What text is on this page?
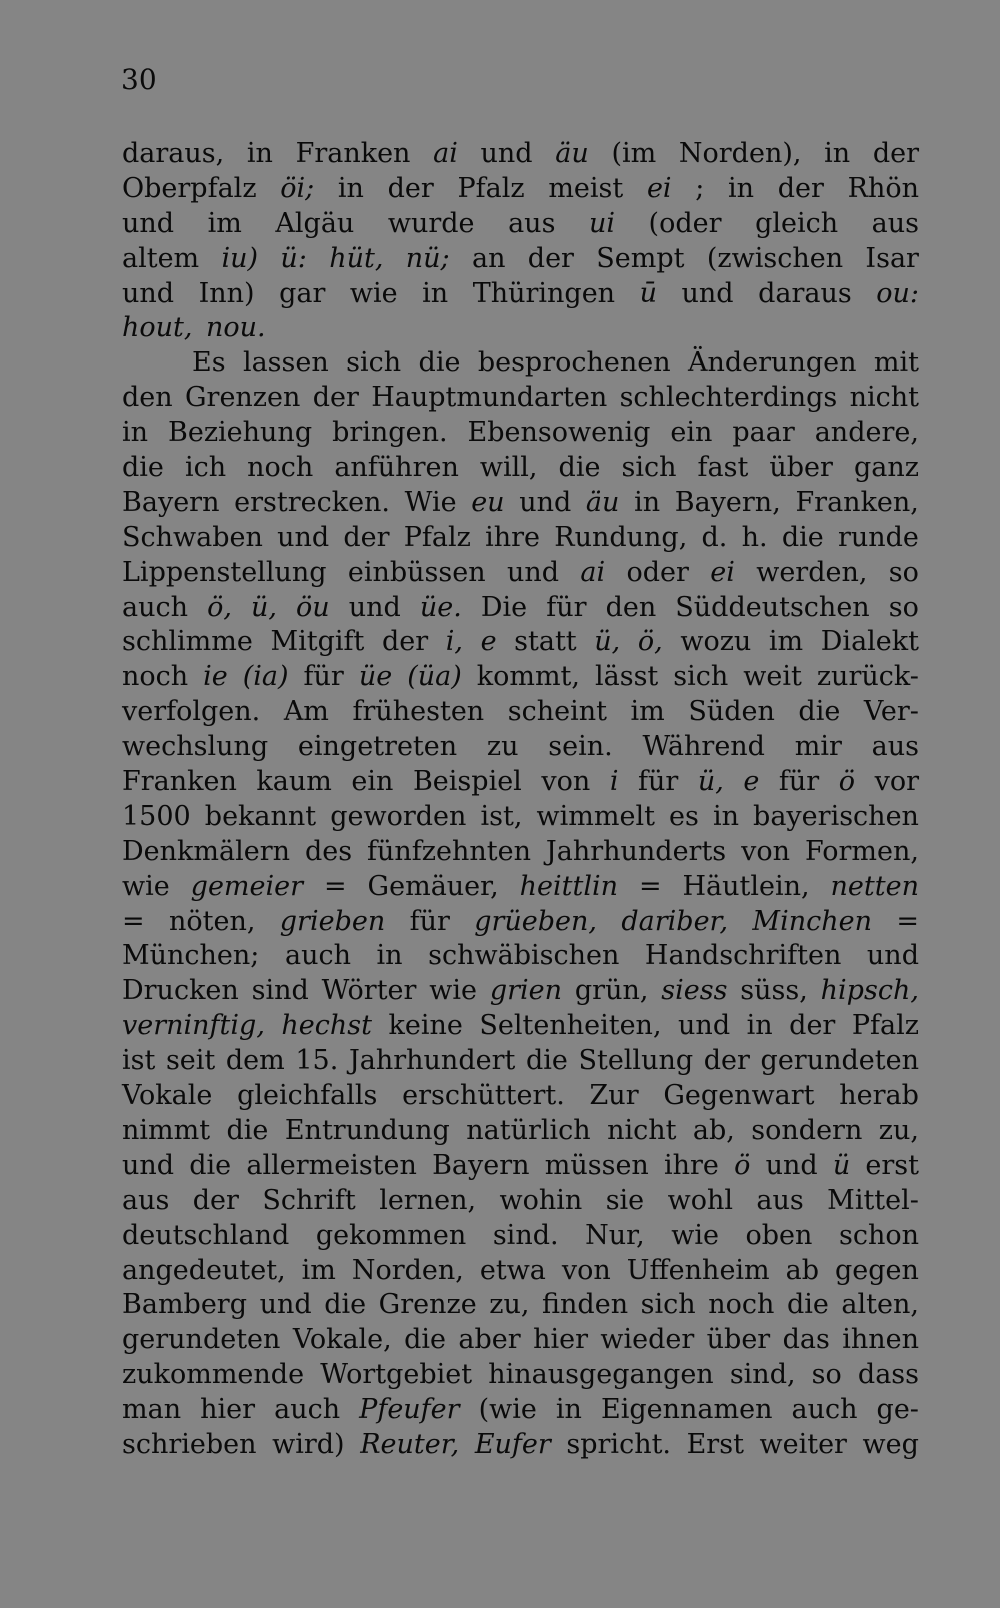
30
daraus, in Franken ai und äu (im Norden), in der
Oberpfalz öi; in der Pfalz meist ei ; in der Rhön
und im Algäu wurde aus ui (oder gleich aus
altem iu) ü: hüt, nü; an der Sempt (zwischen Isar
und Inn) gar wie in Thüringen ū und daraus ou:
hout, nou.
Es lassen sich die besprochenen Änderungen mit
den Grenzen der Hauptmundarten schlechterdings nicht
in Beziehung bringen. Ebensowenig ein paar andere,
die ich noch anführen will, die sich fast über ganz
Bayern erstrecken. Wie eu und äu in Bayern, Franken,
Schwaben und der Pfalz ihre Rundung, d. h. die runde
Lippenstellung einbüssen und ai oder ei werden, so
auch ö, ü, öu und üe. Die für den Süddeutschen so
schlimme Mitgift der i, e statt ü, ö, wozu im Dialekt
noch ie (ia) für üe (üa) kommt, lässt sich weit zurück-
verfolgen. Am frühesten scheint im Süden die Ver-
wechslung eingetreten zu sein. Während mir aus
Franken kaum ein Beispiel von i für ü, e für ö vor
1500 bekannt geworden ist, wimmelt es in bayerischen
Denkmälern des fünfzehnten Jahrhunderts von Formen,
wie gemeier = Gemäuer, heittlin = Häutlein, netten
= nöten, grieben für grüeben, dariber, Minchen =
München; auch in schwäbischen Handschriften und
Drucken sind Wörter wie grien grün, siess süss, hipsch,
verninftig, hechst keine Seltenheiten, und in der Pfalz
ist seit dem 15. Jahrhundert die Stellung der gerundeten
Vokale gleichfalls erschüttert. Zur Gegenwart herab
nimmt die Entrundung natürlich nicht ab, sondern zu,
und die allermeisten Bayern müssen ihre ö und ü erst
aus der Schrift lernen, wohin sie wohl aus Mittel-
deutschland gekommen sind. Nur, wie oben schon
angedeutet, im Norden, etwa von Uffenheim ab gegen
Bamberg und die Grenze zu, finden sich noch die alten,
gerundeten Vokale, die aber hier wieder über das ihnen
zukommende Wortgebiet hinausgegangen sind, so dass
man hier auch Pfeufer (wie in Eigennamen auch ge-
schrieben wird) Reuter, Eufer spricht. Erst weiter weg
